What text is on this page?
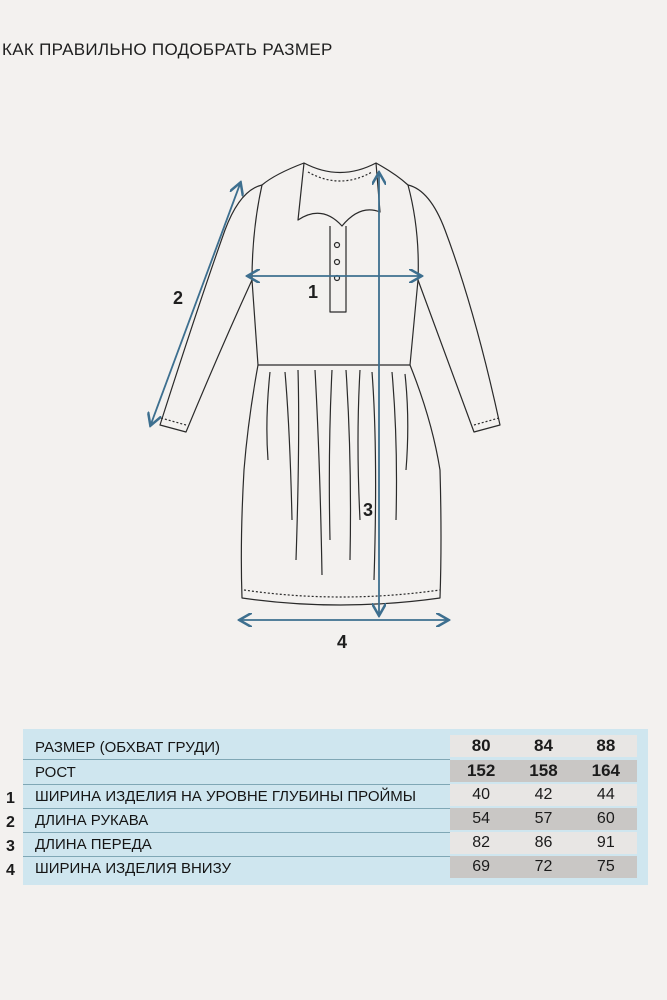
КАК ПРАВИЛЬНО ПОДОБРАТЬ РАЗМЕР
1
2
3
4
1
2
3
4
РАЗМЕР (ОБХВАТ ГРУДИ)	80	84	88
РОСТ	152	158	164
ШИРИНА ИЗДЕЛИЯ НА УРОВНЕ ГЛУБИНЫ ПРОЙМЫ	40	42	44
ДЛИНА РУКАВА	54	57	60
ДЛИНА ПЕРЕДА	82	86	91
ШИРИНА ИЗДЕЛИЯ ВНИЗУ	69	72	75
